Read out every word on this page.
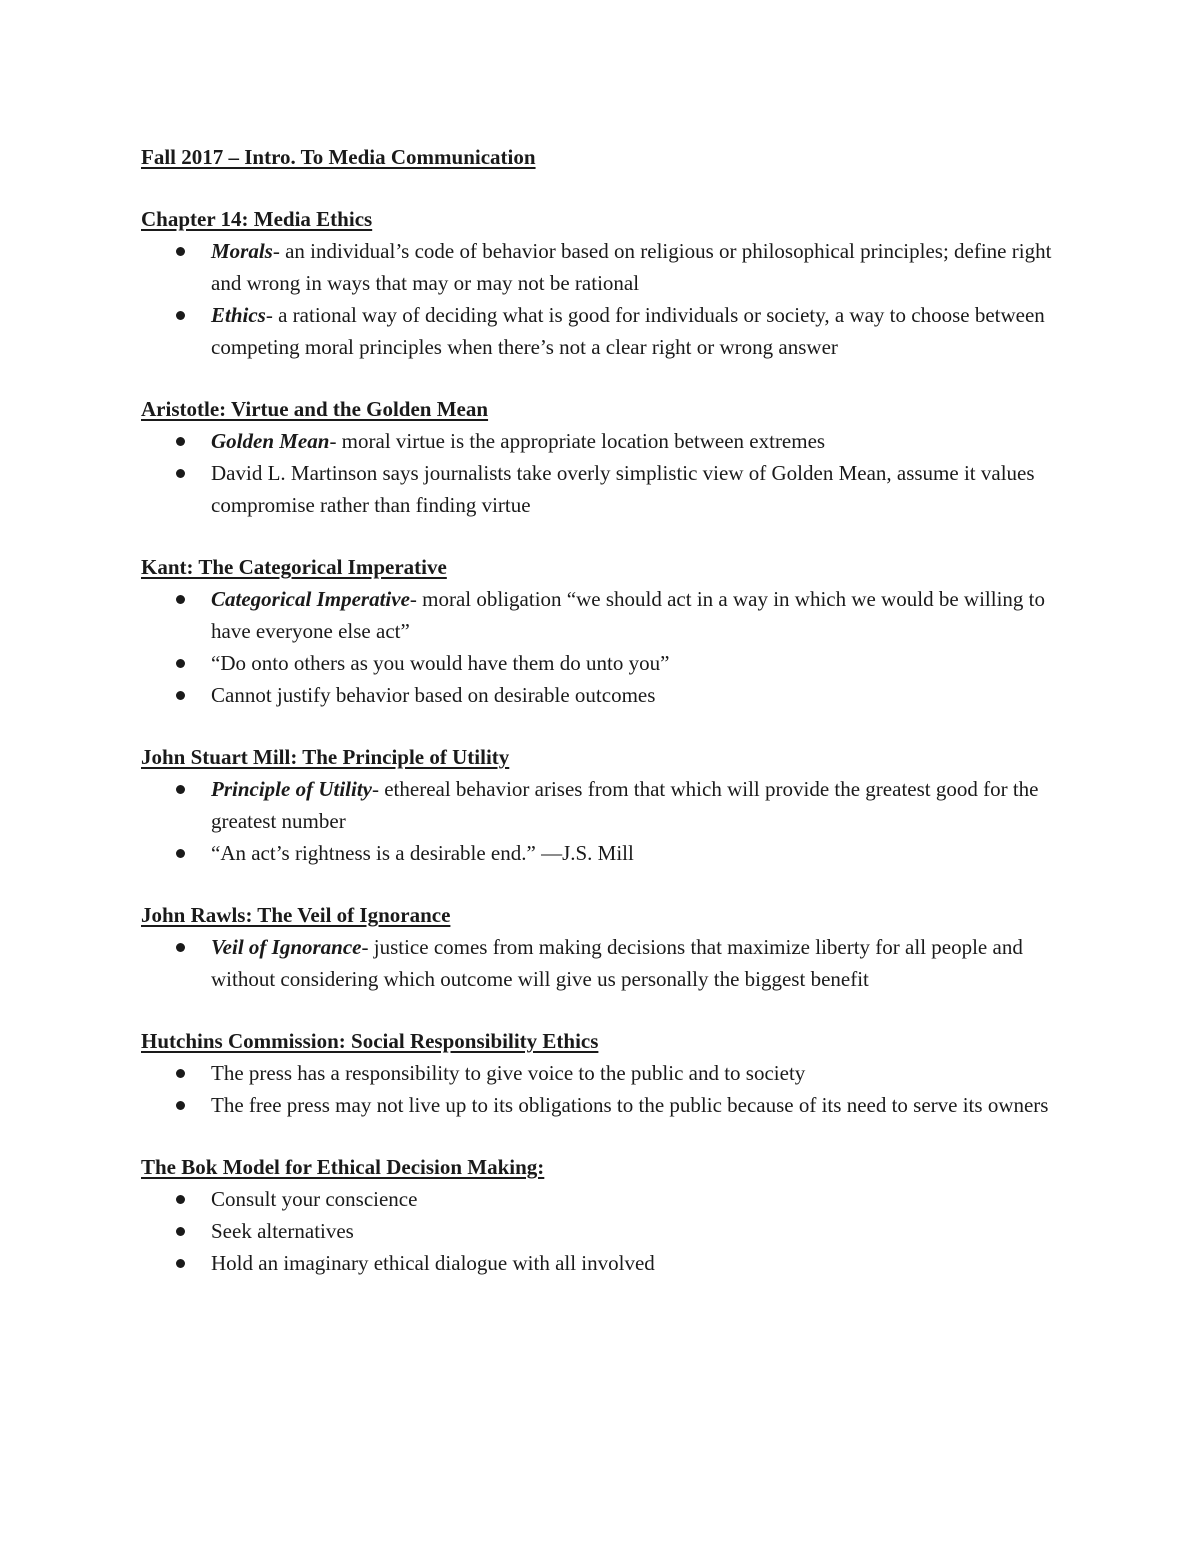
Fall 2017 – Intro. To Media Communication

Chapter 14: Media Ethics

Morals- an individual’s code of behavior based on religious or philosophical principles; define right and wrong in ways that may or may not be rational
Ethics- a rational way of deciding what is good for individuals or society, a way to choose between competing moral principles when there’s not a clear right or wrong answer

Aristotle: Virtue and the Golden Mean

Golden Mean- moral virtue is the appropriate location between extremes
David L. Martinson says journalists take overly simplistic view of Golden Mean, assume it values compromise rather than finding virtue

Kant: The Categorical Imperative

Categorical Imperative- moral obligation “we should act in a way in which we would be willing to have everyone else act”
“Do onto others as you would have them do unto you”
Cannot justify behavior based on desirable outcomes

John Stuart Mill: The Principle of Utility

Principle of Utility- ethereal behavior arises from that which will provide the greatest good for the greatest number
“An act’s rightness is a desirable end.” —J.S. Mill

John Rawls: The Veil of Ignorance

Veil of Ignorance- justice comes from making decisions that maximize liberty for all people and without considering which outcome will give us personally the biggest benefit

Hutchins Commission: Social Responsibility Ethics

The press has a responsibility to give voice to the public and to society
The free press may not live up to its obligations to the public because of its need to serve its owners

The Bok Model for Ethical Decision Making:

Consult your conscience
Seek alternatives
Hold an imaginary ethical dialogue with all involved
